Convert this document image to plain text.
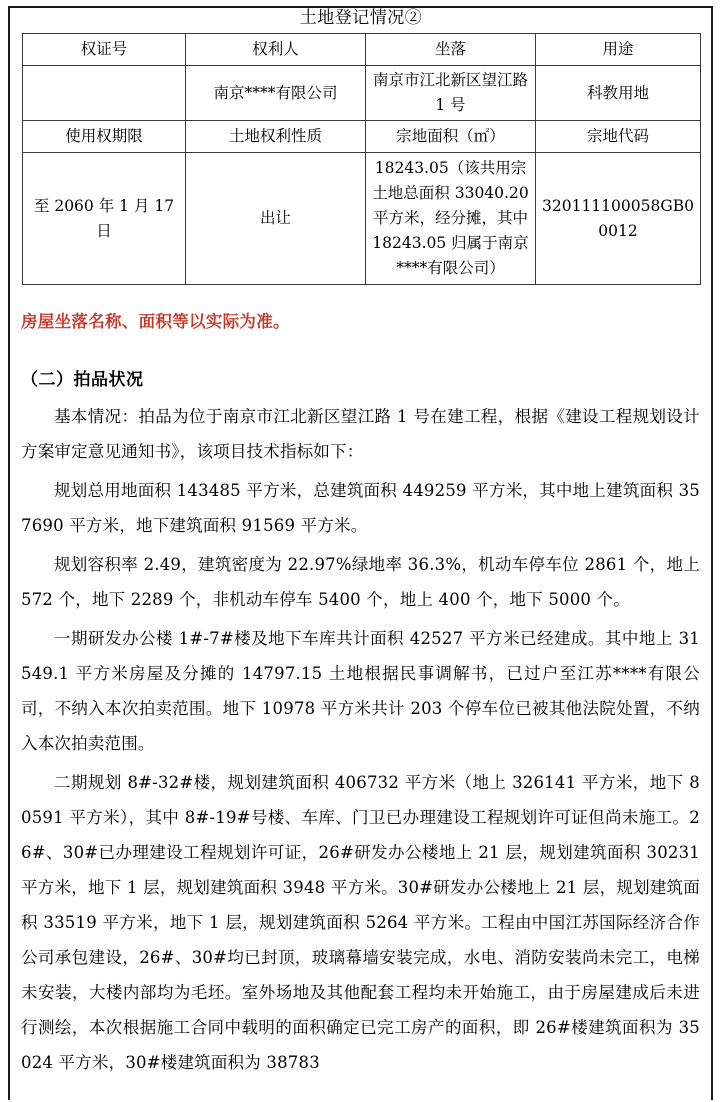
土地登记情况②
权证号	权利人	坐落	用途
	南京****有限公司	南京市江北新区望江路 1 号	科教用地
使用权期限	土地权利性质	宗地面积（㎡）	宗地代码
至 2060 年 1 月 17 日	出让	18243.05（该共用宗土地总面积 33040.20 平方米，经分摊，其中 18243.05 归属于南京****有限公司）	320111100058GB00012
房屋坐落名称、面积等以实际为准。
（二）拍品状况

基本情况：拍品为位于南京市江北新区望江路 1 号在建工程，根据《建设工程规划设计方案审定意见通知书》，该项目技术指标如下：

规划总用地面积 143485 平方米，总建筑面积 449259 平方米，其中地上建筑面积 357690 平方米，地下建筑面积 91569 平方米。

规划容积率 2.49，建筑密度为 22.97%绿地率 36.3%，机动车停车位 2861 个，地上 572 个，地下 2289 个，非机动车停车 5400 个，地上 400 个，地下 5000 个。

一期研发办公楼 1#-7#楼及地下车库共计面积 42527 平方米已经建成。其中地上 31549.1 平方米房屋及分摊的 14797.15 土地根据民事调解书，已过户至江苏****有限公司，不纳入本次拍卖范围。地下 10978 平方米共计 203 个停车位已被其他法院处置，不纳入本次拍卖范围。

二期规划 8#-32#楼，规划建筑面积 406732 平方米（地上 326141 平方米，地下 80591 平方米），其中 8#-19#号楼、车库、门卫已办理建设工程规划许可证但尚未施工。26#、30#已办理建设工程规划许可证，26#研发办公楼地上 21 层，规划建筑面积 30231 平方米，地下 1 层，规划建筑面积 3948 平方米。30#研发办公楼地上 21 层，规划建筑面积 33519 平方米，地下 1 层，规划建筑面积 5264 平方米。工程由中国江苏国际经济合作公司承包建设，26#、30#均已封顶，玻璃幕墙安装完成，水电、消防安装尚未完工，电梯未安装，大楼内部均为毛坯。室外场地及其他配套工程均未开始施工，由于房屋建成后未进行测绘，本次根据施工合同中载明的面积确定已完工房产的面积，即 26#楼建筑面积为 35024 平方米，30#楼建筑面积为 38783
